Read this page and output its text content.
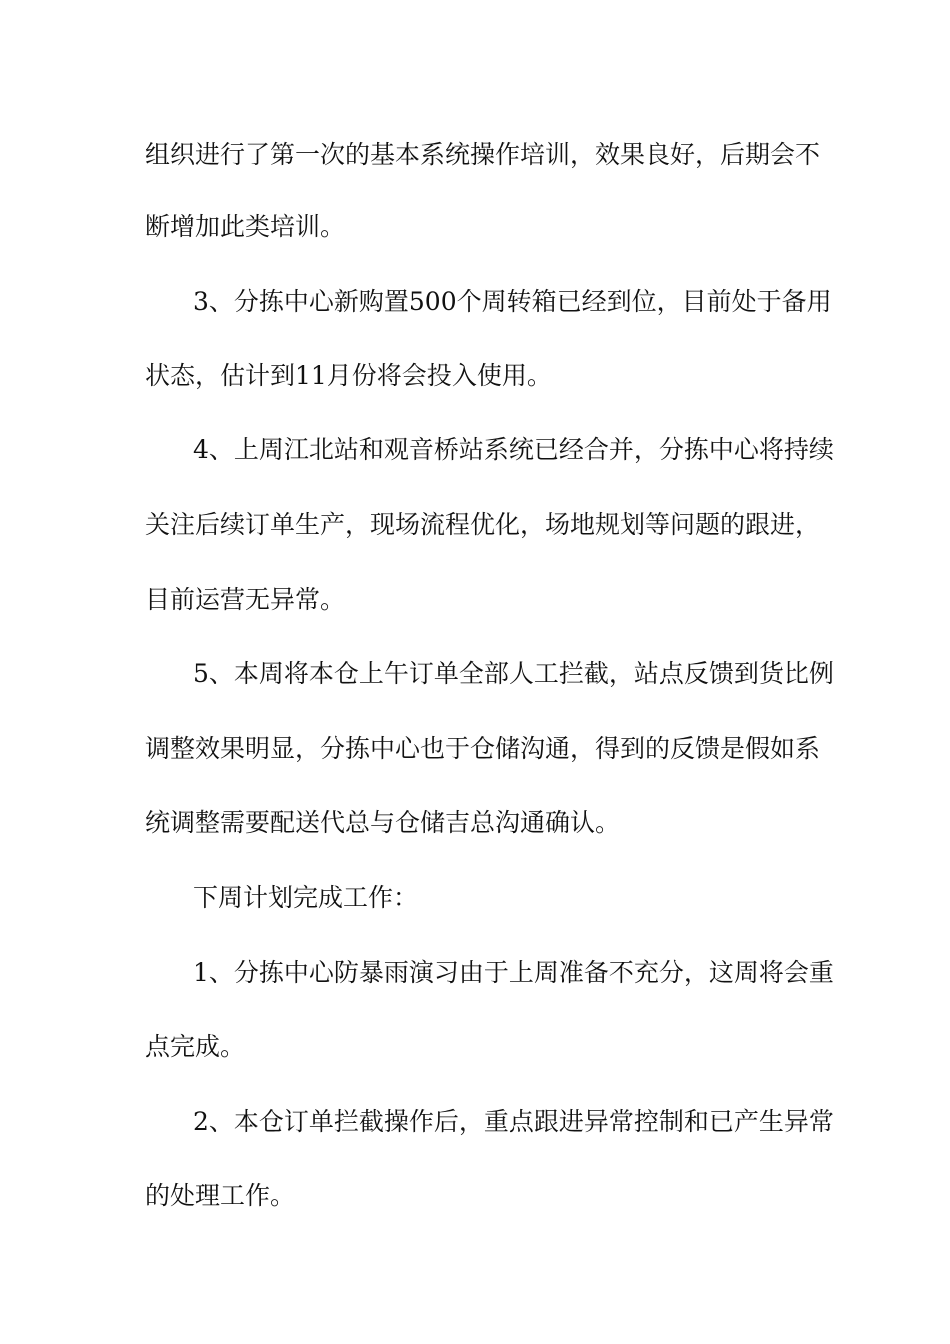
组织进行了第一次的基本系统操作培训，效果良好，后期会不
断增加此类培训。
3、分拣中心新购置500个周转箱已经到位，目前处于备用
状态，估计到11月份将会投入使用。
4、上周江北站和观音桥站系统已经合并，分拣中心将持续
关注后续订单生产，现场流程优化，场地规划等问题的跟进，
目前运营无异常。
5、本周将本仓上午订单全部人工拦截，站点反馈到货比例
调整效果明显，分拣中心也于仓储沟通，得到的反馈是假如系
统调整需要配送代总与仓储吉总沟通确认。
下周计划完成工作：
1、分拣中心防暴雨演习由于上周准备不充分，这周将会重
点完成。
2、本仓订单拦截操作后，重点跟进异常控制和已产生异常
的处理工作。
